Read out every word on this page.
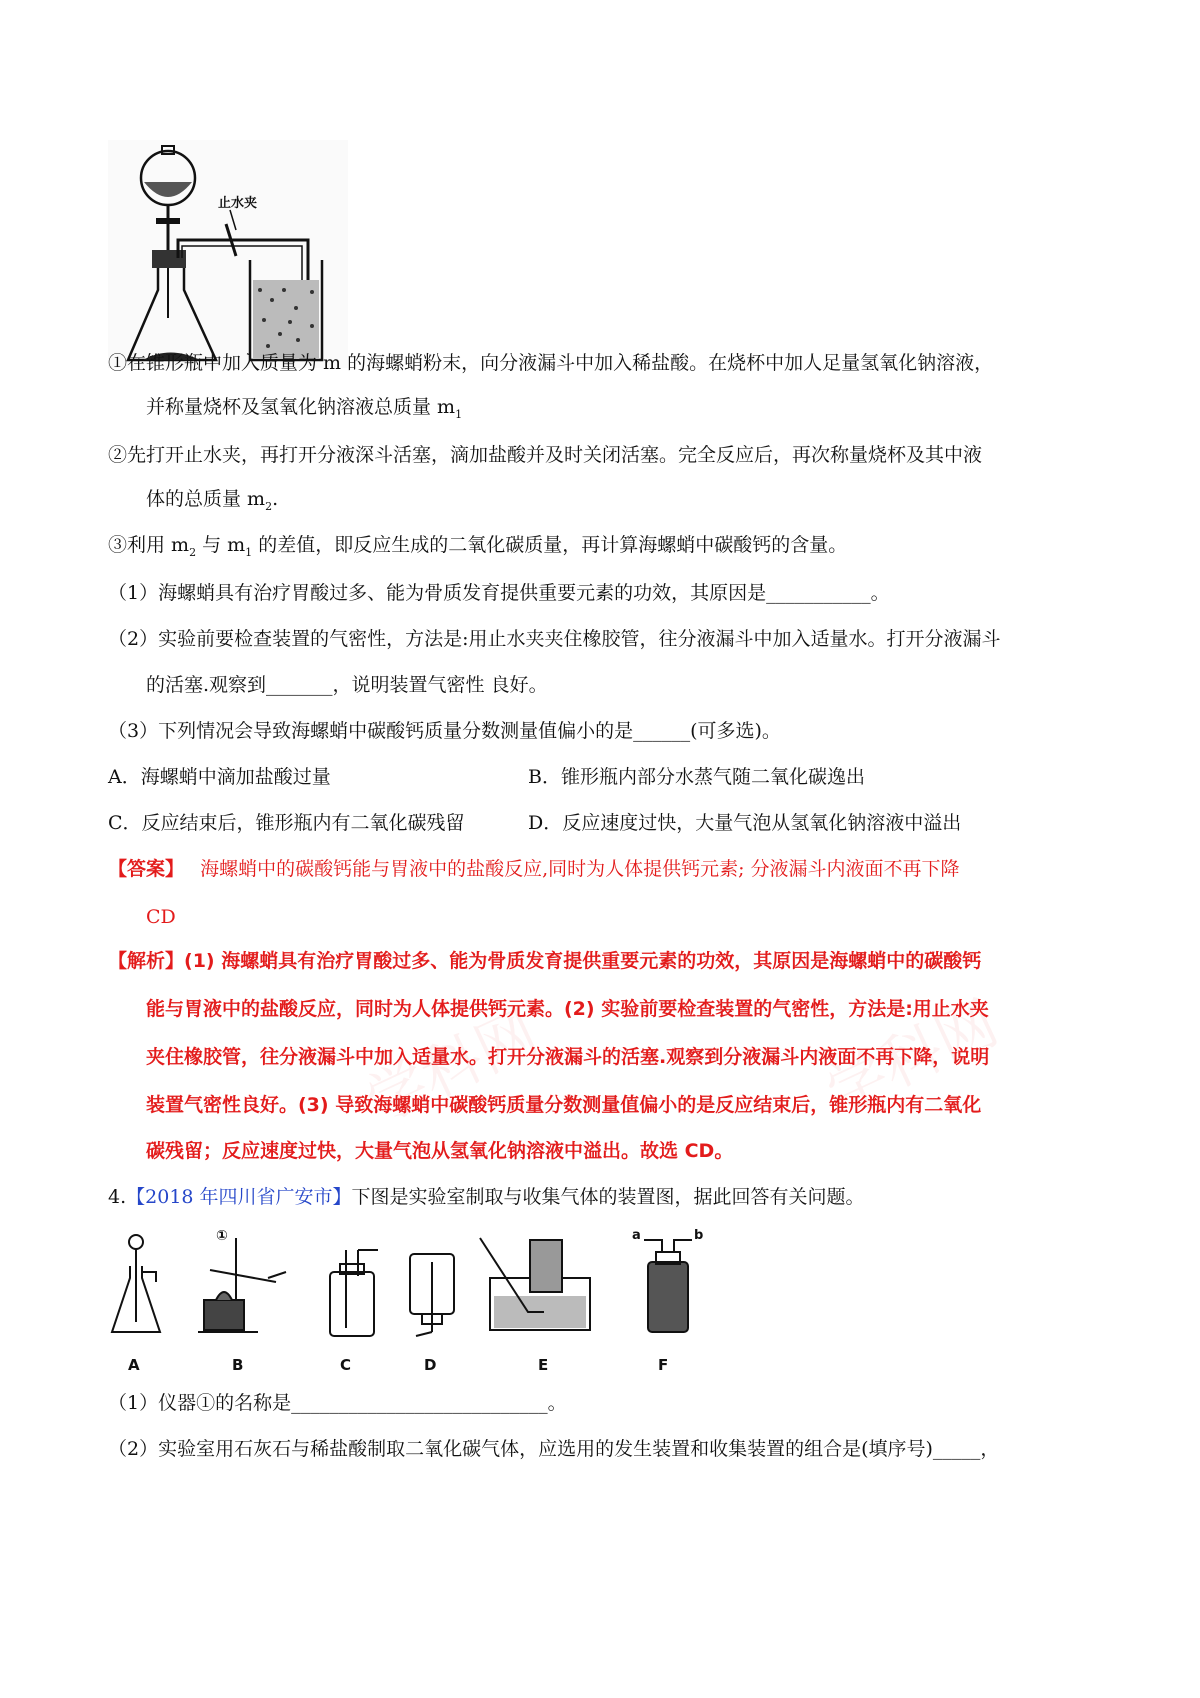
学科网	学科网
止水夹
①在锥形瓶中加入质量为 m 的海螺蛸粉末，向分液漏斗中加入稀盐酸。在烧杯中加人足量氢氧化钠溶液，
并称量烧杯及氢氧化钠溶液总质量 $m_1$
②先打开止水夹，再打开分液深斗活塞，滴加盐酸并及时关闭活塞。完全反应后，再次称量烧杯及其中液
体的总质量 $m_2$.
③利用 $m_2$ 与 $m_1$ 的差值，即反应生成的二氧化碳质量，再计算海螺蛸中碳酸钙的含量。
（1）海螺蛸具有治疗胃酸过多、能为骨质发育提供重要元素的功效，其原因是___________。
（2）实验前要检查装置的气密性，方法是:用止水夹夹住橡胶管，往分液漏斗中加入适量水。打开分液漏斗
的活塞.观察到_______，说明装置气密性 良好。
（3）下列情况会导致海螺蛸中碳酸钙质量分数测量值偏小的是______(可多选)。
A．海螺蛸中滴加盐酸过量	B．锥形瓶内部分水蒸气随二氧化碳逸出
C．反应结束后，锥形瓶内有二氧化碳残留	D．反应速度过快，大量气泡从氢氧化钠溶液中溢出
【答案】 海螺蛸中的碳酸钙能与胃液中的盐酸反应,同时为人体提供钙元素; 分液漏斗内液面不再下降
CD
【解析】(1) 海螺蛸具有治疗胃酸过多、能为骨质发育提供重要元素的功效，其原因是海螺蛸中的碳酸钙
能与胃液中的盐酸反应，同时为人体提供钙元素。(2) 实验前要检查装置的气密性，方法是:用止水夹
夹住橡胶管，往分液漏斗中加入适量水。打开分液漏斗的活塞.观察到分液漏斗内液面不再下降，说明
装置气密性良好。(3) 导致海螺蛸中碳酸钙质量分数测量值偏小的是反应结束后，锥形瓶内有二氧化
碳残留；反应速度过快，大量气泡从氢氧化钠溶液中溢出。故选 CD。
4.【2018 年四川省广安市】下图是实验室制取与收集气体的装置图，据此回答有关问题。
a	b
①
A	B	C	D	E	F
（1）仪器①的名称是___________________________。
（2）实验室用石灰石与稀盐酸制取二氧化碳气体，应选用的发生装置和收集装置的组合是(填序号)_____，
